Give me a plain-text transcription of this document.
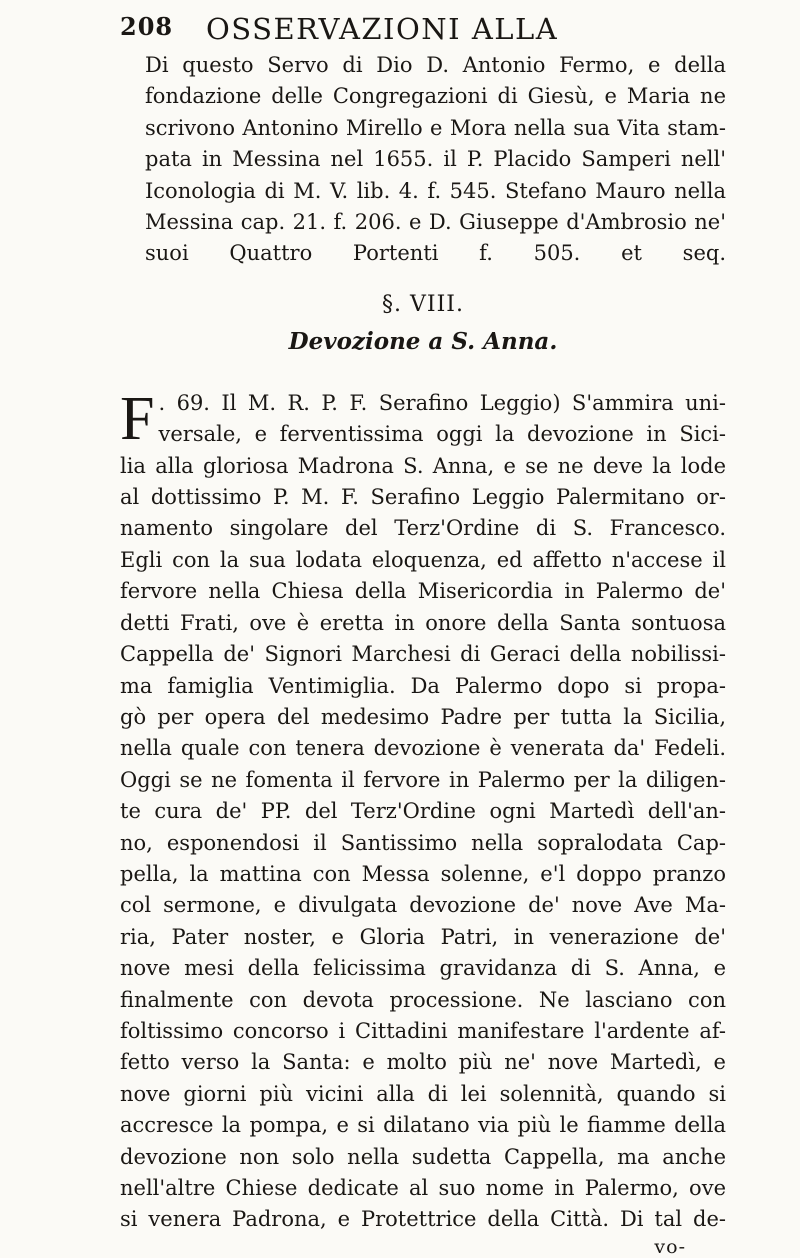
208 OSSERVAZIONI ALLA
Di questo Servo di Dio D. Antonio Fermo, e della
fondazione delle Congregazioni di Giesù, e Maria ne
scrivono Antonino Mirello e Mora nella sua Vita stam-
pata in Messina nel 1655. il P. Placido Samperi nell'
Iconologia di M. V. lib. 4. f. 545. Stefano Mauro nella
Messina cap. 21. f. 206. e D. Giuseppe d'Ambrosio ne'
suoi Quattro Portenti f. 505. et seq.
§. VIII.
Devozione a S. Anna.
F . 69. Il M. R. P. F. Serafino Leggio) S'ammira uni-
versale, e ferventissima oggi la devozione in Sici-
lia alla gloriosa Madrona S. Anna, e se ne deve la lode
al dottissimo P. M. F. Serafino Leggio Palermitano or-
namento singolare del Terz'Ordine di S. Francesco.
Egli con la sua lodata eloquenza, ed affetto n'accese il
fervore nella Chiesa della Misericordia in Palermo de'
detti Frati, ove è eretta in onore della Santa sontuosa
Cappella de' Signori Marchesi di Geraci della nobilissi-
ma famiglia Ventimiglia. Da Palermo dopo si propa-
gò per opera del medesimo Padre per tutta la Sicilia,
nella quale con tenera devozione è venerata da' Fedeli.
Oggi se ne fomenta il fervore in Palermo per la diligen-
te cura de' PP. del Terz'Ordine ogni Martedì dell'an-
no, esponendosi il Santissimo nella sopralodata Cap-
pella, la mattina con Messa solenne, e'l doppo pranzo
col sermone, e divulgata devozione de' nove Ave Ma-
ria, Pater noster, e Gloria Patri, in venerazione de'
nove mesi della felicissima gravidanza di S. Anna, e
finalmente con devota processione. Ne lasciano con
foltissimo concorso i Cittadini manifestare l'ardente af-
fetto verso la Santa: e molto più ne' nove Martedì, e
nove giorni più vicini alla di lei solennità, quando si
accresce la pompa, e si dilatano via più le fiamme della
devozione non solo nella sudetta Cappella, ma anche
nell'altre Chiese dedicate al suo nome in Palermo, ove
si venera Padrona, e Protettrice della Città. Di tal de-
vo-
